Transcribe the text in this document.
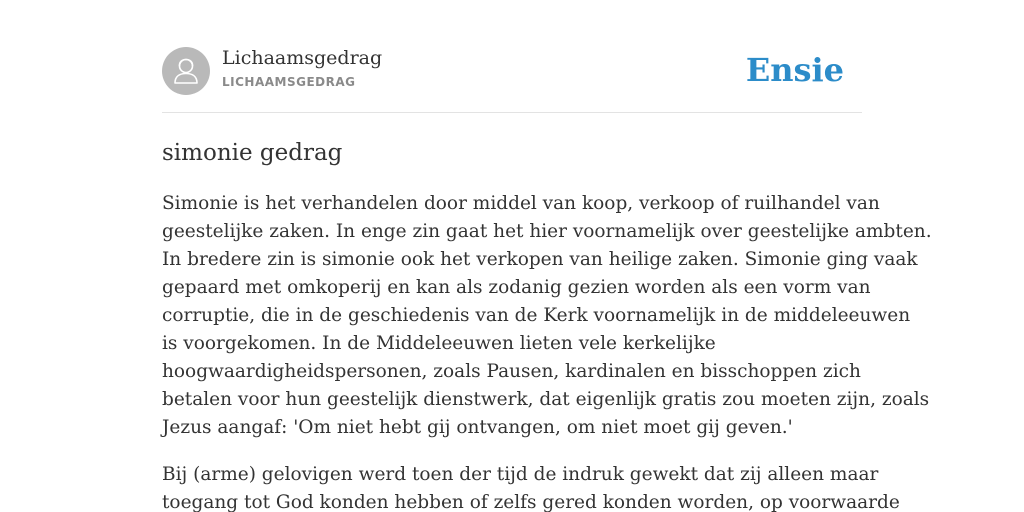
Lichaamsgedrag
LICHAAMSGEDRAG	Ensie
simonie gedrag

Simonie is het verhandelen door middel van koop, verkoop of ruilhandel van
geestelijke zaken. In enge zin gaat het hier voornamelijk over geestelijke ambten.
In bredere zin is simonie ook het verkopen van heilige zaken. Simonie ging vaak
gepaard met omkoperij en kan als zodanig gezien worden als een vorm van
corruptie, die in de geschiedenis van de Kerk voornamelijk in de middeleeuwen
is voorgekomen. In de Middeleeuwen lieten vele kerkelijke
hoogwaardigheidspersonen, zoals Pausen, kardinalen en bisschoppen zich
betalen voor hun geestelijk dienstwerk, dat eigenlijk gratis zou moeten zijn, zoals
Jezus aangaf: 'Om niet hebt gij ontvangen, om niet moet gij geven.'

Bij (arme) gelovigen werd toen der tijd de indruk gewekt dat zij alleen maar
toegang tot God konden hebben of zelfs gered konden worden, op voorwaarde
